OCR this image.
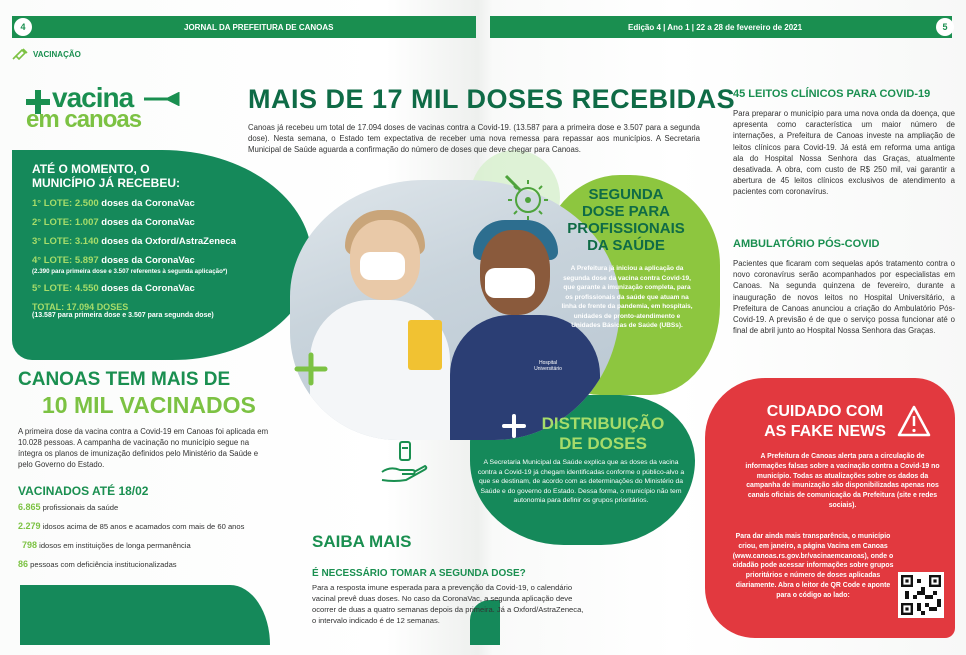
JORNAL DA PREFEITURA DE CANOAS
4	Edição 4 | Ano 1 | 22 a 28 de fevereiro de 2021	5
VACINAÇÃO
vacina
em canoas
MAIS DE 17 MIL DOSES RECEBIDAS
Canoas já recebeu um total de 17.094 doses de vacinas contra a Covid-19. (13.587 para a primeira dose e 3.507 para a segunda dose). Nesta semana, o Estado tem expectativa de receber uma nova remessa para repassar aos municípios. A Secretaria Municipal de Saúde aguarda a confirmação do número de doses que deve chegar para Canoas.
ATÉ O MOMENTO, O
MUNICÍPIO JÁ RECEBEU:
1° LOTE: 2.500 doses da CoronaVac
2° LOTE: 1.007 doses da CoronaVac
3° LOTE: 3.140 doses da Oxford/AstraZeneca
4° LOTE: 5.897 doses da CoronaVac
(2.390 para primeira dose e 3.507 referentes à segunda aplicação*)
5° LOTE: 4.550 doses da CoronaVac
TOTAL: 17.094 DOSES
(13.587 para primeira dose e 3.507 para segunda dose)
CANOAS TEM MAIS DE
10 MIL VACINADOS
A primeira dose da vacina contra a Covid-19 em Canoas foi aplicada em 10.028 pessoas. A campanha de vacinação no município segue na íntegra os planos de imunização definidos pelo Ministério da Saúde e pelo Governo do Estado.
VACINADOS ATÉ 18/02
6.865 profissionais da saúde
2.279 idosos acima de 85 anos e acamados com mais de 60 anos
798 idosos em instituições de longa permanência
86 pessoas com deficiência institucionalizadas
Hospital Universitário
SEGUNDA
DOSE PARA
PROFISSIONAIS
DA SAÚDE
A Prefeitura já iniciou a aplicação da segunda dose da vacina contra Covid-19, que garante a imunização completa, para os profissionais da saúde que atuam na linha de frente da pandemia, em hospitais, unidades de pronto-atendimento e Unidades Básicas de Saúde (UBSs).
DISTRIBUIÇÃO
DE DOSES
A Secretaria Municipal da Saúde explica que as doses da vacina contra a Covid-19 já chegam identificadas conforme o público-alvo a que se destinam, de acordo com as determinações do Ministério da Saúde e do governo do Estado. Dessa forma, o município não tem autonomia para definir os grupos prioritários.
SAIBA MAIS
É NECESSÁRIO TOMAR A SEGUNDA DOSE?
Para a resposta imune esperada para a prevenção da Covid-19, o calendário vacinal prevê duas doses. No caso da CoronaVac, a segunda aplicação deve ocorrer de duas a quatro semanas depois da primeira. Já a Oxford/AstraZeneca, o intervalo indicado é de 12 semanas.
45 LEITOS CLÍNICOS PARA COVID-19
Para preparar o município para uma nova onda da doença, que apresenta como característica um maior número de internações, a Prefeitura de Canoas investe na ampliação de leitos clínicos para Covid-19. Já está em reforma uma antiga ala do Hospital Nossa Senhora das Graças, atualmente desativada. A obra, com custo de R$ 250 mil, vai garantir a abertura de 45 leitos clínicos exclusivos de atendimento a pacientes com coronavírus.
AMBULATÓRIO PÓS-COVID
Pacientes que ficaram com sequelas após tratamento contra o novo coronavírus serão acompanhados por especialistas em Canoas. Na segunda quinzena de fevereiro, durante a inauguração de novos leitos no Hospital Universitário, a Prefeitura de Canoas anunciou a criação do Ambulatório Pós-Covid-19. A previsão é de que o serviço possa funcionar até o final de abril junto ao Hospital Nossa Senhora das Graças.
CUIDADO COM
AS FAKE NEWS
A Prefeitura de Canoas alerta para a circulação de informações falsas sobre a vacinação contra a Covid-19 no município. Todas as atualizações sobre os dados da campanha de imunização são disponibilizadas apenas nos canais oficiais de comunicação da Prefeitura (site e redes sociais).
Para dar ainda mais transparência, o município criou, em janeiro, a página Vacina em Canoas (www.canoas.rs.gov.br/vacinaemcanoas), onde o cidadão pode acessar informações sobre grupos prioritários e número de doses aplicadas diariamente. Abra o leitor de QR Code e aponte para o código ao lado:
